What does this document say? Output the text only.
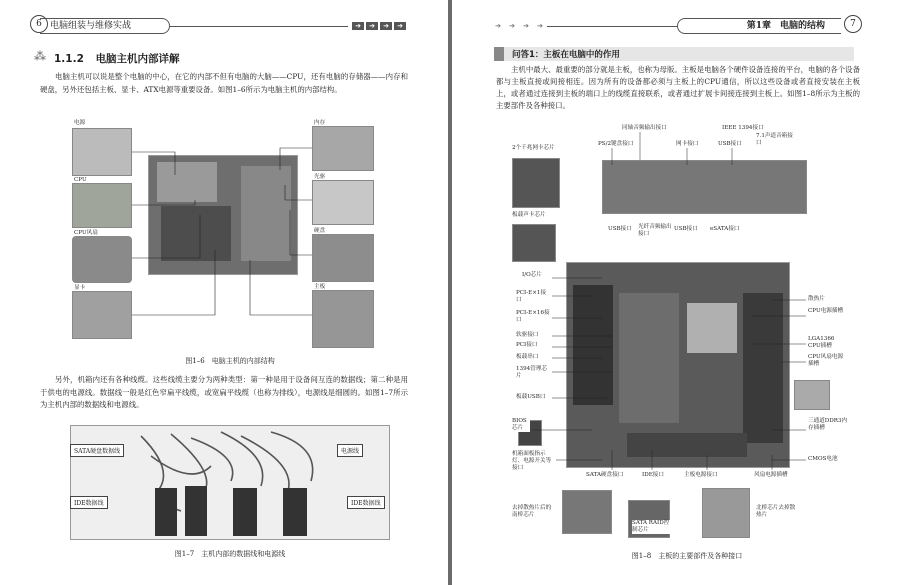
6 电脑组装与维修实战	➔	➔	➔	➔
⁂ 1.1.2 电脑主机内部详解
电脑主机可以说是整个电脑的中心，在它的内部不但有电脑的大脑——CPU，还有电脑的存储器——内存和硬盘，另外还包括主板、显卡、ATX电源等重要设备。如图1–6所示为电脑主机的内部结构。
电源
CPU
CPU风扇
显卡
内存
光驱
硬盘
主板
图1–6　电脑主机的内部结构
另外，机箱内还有各种线缆。这些线缆主要分为两种类型：第一种是用于设备间互连的数据线；第二种是用于供电的电源线。数据线一般是红色窄扁平线缆，或宽扁平线缆（也称为排线），电源线是细圆的。如图1–7所示为主机内部的数据线和电源线。
SATA硬盘数据线	电源线
IDE数据线	IDE数据线
图1–7　主机内部的数据线和电源线
➔	➔	➔	➔	第1章　电脑的结构	7
问答1：主板在电脑中的作用
主机中最大、最重要的部分就是主板，也称为母版。主板是电脑各个硬件设备连接的平台，电脑的各个设备都与主板直接或间接相连。因为所有的设备都必须与主板上的CPU通信，所以这些设备或者直接安装在主板上，或者通过连接到主板的端口上的线缆直接联系，或者通过扩展卡间接连接到主板上。如图1–8所示为主板的主要部件及各种接口。
2个千兆网卡芯片
同轴音频输出接口
PS/2键盘接口	网卡接口
IEEE 1394接口
USB接口
7.1声道音箱接口
板载声卡芯片
USB接口 光纤音频输出接口
USB接口 eSATA接口
I/O芯片
PCI-E×1接口
PCI-E×16接口
软驱接口
PCI接口
板载串口
1394管理芯片
板载USB口
BIOS芯片
机箱面板指示灯、电源开关等接口
SATA硬盘接口	IDE接口	主板电源接口	风扇电源插槽
散热片
CPU电源插槽
LGA1366 CPU插槽
CPU风扇电源插槽
三通道DDR3内存插槽
CMOS电池
去掉散热片后的南桥芯片
SATA RAID控制芯片
北桥芯片去掉散热片
图1–8　主板的主要部件及各种接口
